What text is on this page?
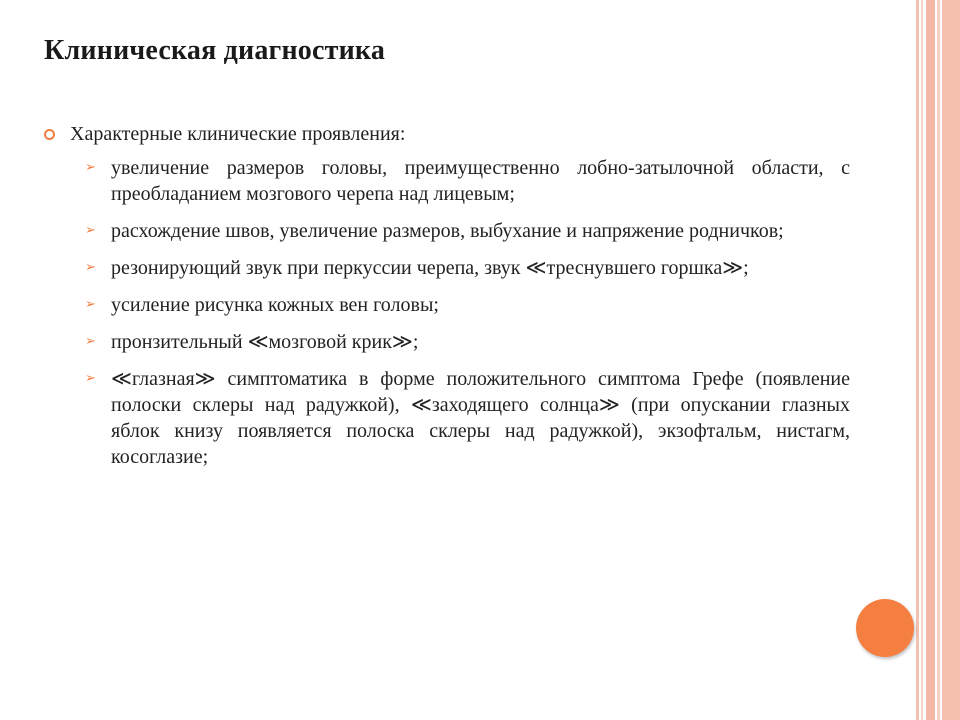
Клиническая диагностика
Характерные клинические проявления:
➢ увеличение размеров головы, преимущественно лобно-затылочной области, с преобладанием мозгового черепа над лицевым;
➢ расхождение швов, увеличение размеров, выбухание и напряжение родничков;
➢ резонирующий звук при перкуссии черепа, звук ≪треснувшего горшка≫;
➢ усиление рисунка кожных вен головы;
➢ пронзительный ≪мозговой крик≫;
➢ ≪глазная≫ симптоматика в форме положительного симптома Грефе (появление полоски склеры над радужкой), ≪заходящего солнца≫ (при опускании глазных яблок книзу появляется полоска склеры над радужкой), экзофтальм, нистагм, косоглазие;
